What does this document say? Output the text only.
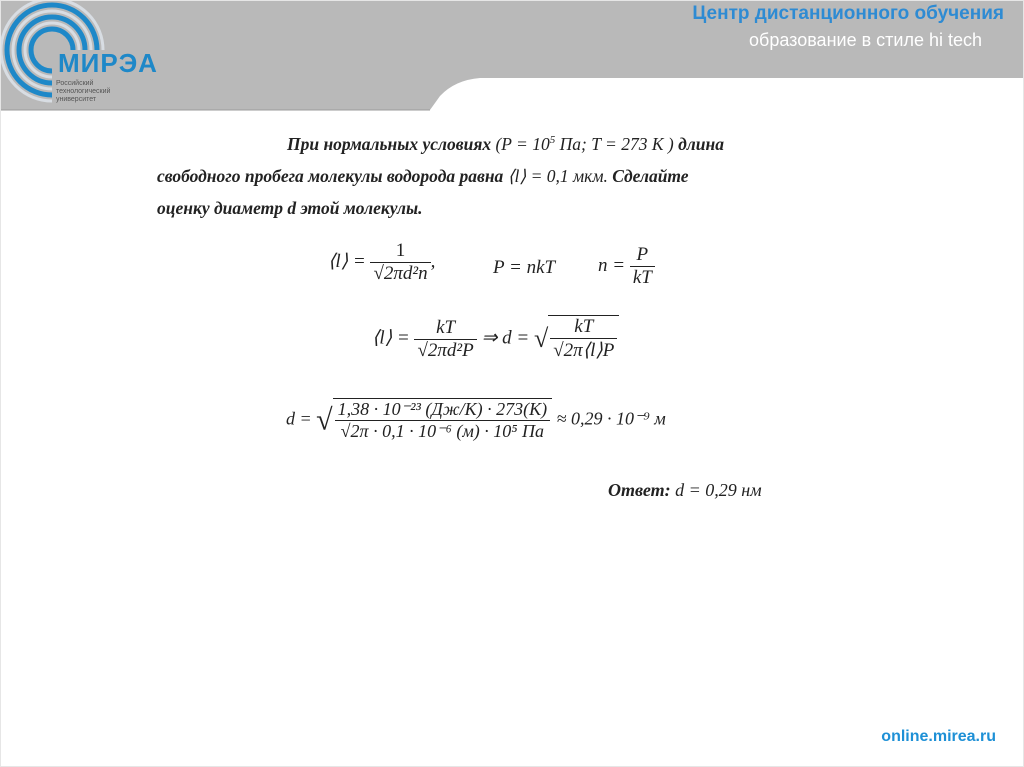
МИРЭА
Российский технологический университет
Центр дистанционного обучения
образование в стиле hi tech
При нормальных условиях ($P = 10^5$ Па; T = 273 K ) длина
свободного пробега молекулы водорода равна ⟨l⟩ = 0,1 мкм. Сделайте
оценку диаметр d этой молекулы.
⟨l⟩ = $\frac{1}{\text{√2πd²n}}$ ,	P = nkT $n = \frac{P}{kT}$
⟨l⟩ = $\frac{kT}{\text{√2πd²P}}$ ⇒ d = √ $\frac{kT}{√2\pi⟨l⟩P}$
d = √ $\frac{\text{1,38 · 10⁻²³ (Дж/K) · 273(K)}}{\text{√2π · 0,1 · 10⁻⁶ (м) · 10⁵ Па}} \approx 0,29 \cdot 10^{-9}$ м
Ответ: d = 0,29 нм
online.mirea.ru
